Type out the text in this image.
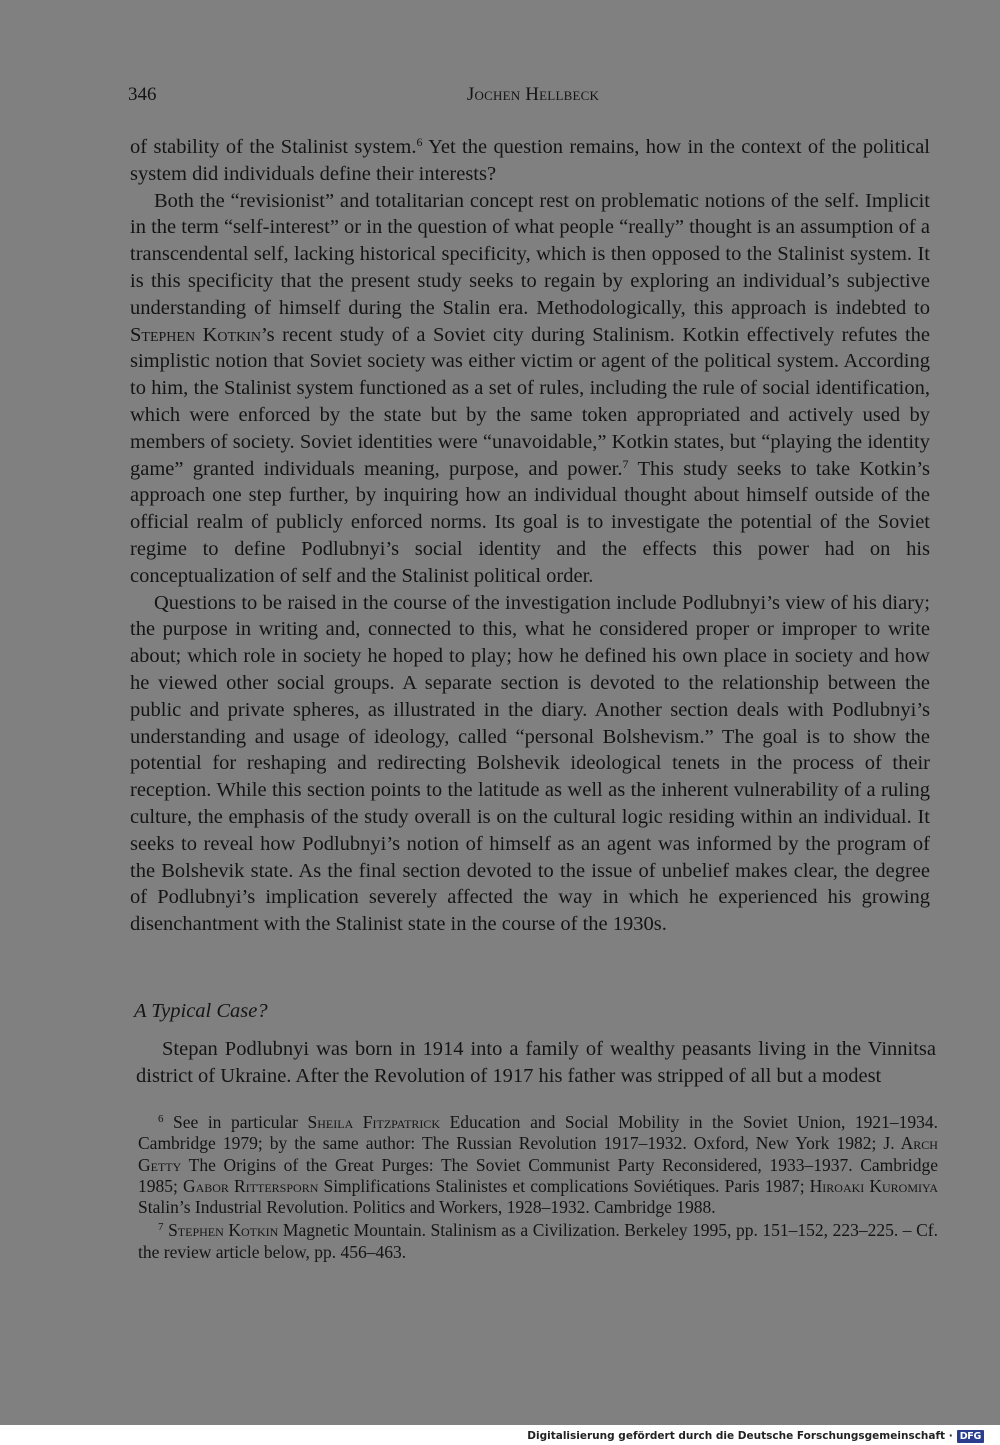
346	Jochen Hellbeck

of stability of the Stalinist system.$^6$ Yet the question remains, how in the context of the political system did individuals define their interests?

Both the “revisionist” and totalitarian concept rest on problematic notions of the self. Implicit in the term “self-interest” or in the question of what people “really” thought is an assumption of a transcendental self, lacking historical specificity, which is then opposed to the Stalinist system. It is this specificity that the present study seeks to regain by exploring an individual’s subjective understanding of himself during the Stalin era. Methodologically, this approach is indebted to Stephen Kotkin’s recent study of a Soviet city during Stalinism. Kotkin effectively refutes the simplistic notion that Soviet society was either victim or agent of the political system. According to him, the Stalinist system functioned as a set of rules, including the rule of social identification, which were enforced by the state but by the same token appropriated and actively used by members of society. Soviet identities were “unavoidable,” Kotkin states, but “playing the identity game” granted individuals meaning, purpose, and power.$^7$ This study seeks to take Kotkin’s approach one step further, by inquiring how an individual thought about himself outside of the official realm of publicly enforced norms. Its goal is to investigate the potential of the Soviet regime to define Podlubnyi’s social identity and the effects this power had on his conceptualization of self and the Stalinist political order.

Questions to be raised in the course of the investigation include Podlubnyi’s view of his diary; the purpose in writing and, connected to this, what he considered proper or improper to write about; which role in society he hoped to play; how he defined his own place in society and how he viewed other social groups. A separate section is devoted to the relationship between the public and private spheres, as illustrated in the diary. Another section deals with Podlubnyi’s understanding and usage of ideology, called “personal Bolshevism.” The goal is to show the potential for reshaping and redirecting Bolshevik ideological tenets in the process of their reception. While this section points to the latitude as well as the inherent vulnerability of a ruling culture, the emphasis of the study overall is on the cultural logic residing within an individual. It seeks to reveal how Podlubnyi’s notion of himself as an agent was informed by the program of the Bolshevik state. As the final section devoted to the issue of unbelief makes clear, the degree of Podlubnyi’s implication severely affected the way in which he experienced his growing disenchantment with the Stalinist state in the course of the 1930s.

A Typical Case?

Stepan Podlubnyi was born in 1914 into a family of wealthy peasants living in the Vinnitsa district of Ukraine. After the Revolution of 1917 his father was stripped of all but a modest

$^6$ See in particular Sheila Fitzpatrick Education and Social Mobility in the Soviet Union, 1921–1934. Cambridge 1979; by the same author: The Russian Revolution 1917–1932. Oxford, New York 1982; J. Arch Getty The Origins of the Great Purges: The Soviet Communist Party Reconsidered, 1933–1937. Cambridge 1985; Gabor Rittersporn Simplifications Stalinistes et complications Soviétiques. Paris 1987; Hiroaki Kuromiya Stalin’s Industrial Revolution. Politics and Workers, 1928–1932. Cambridge 1988.

$^7$ Stephen Kotkin Magnetic Mountain. Stalinism as a Civilization. Berkeley 1995, pp. 151–152, 223–225. – Cf. the review article below, pp. 456–463.

Digitalisierung gefördert durch die Deutsche Forschungsgemeinschaft · DFG
